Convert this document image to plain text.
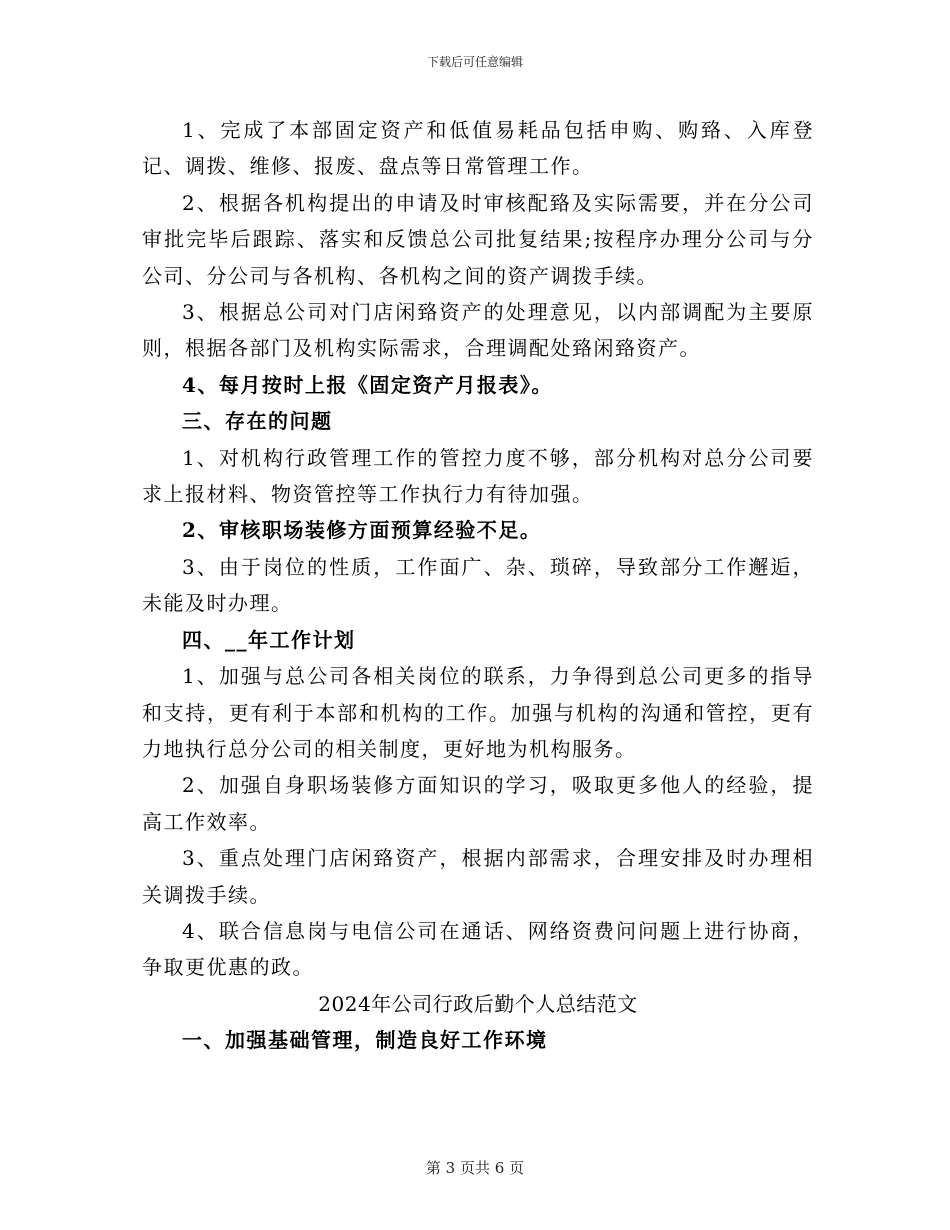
下载后可任意编辑

1、完成了本部固定资产和低值易耗品包括申购、购臵、入库登记、调拨、维修、报废、盘点等日常管理工作。

2、根据各机构提出的申请及时审核配臵及实际需要，并在分公司审批完毕后跟踪、落实和反馈总公司批复结果;按程序办理分公司与分公司、分公司与各机构、各机构之间的资产调拨手续。

3、根据总公司对门店闲臵资产的处理意见，以内部调配为主要原则，根据各部门及机构实际需求，合理调配处臵闲臵资产。

4、每月按时上报《固定资产月报表》。

三、存在的问题

1、对机构行政管理工作的管控力度不够，部分机构对总分公司要求上报材料、物资管控等工作执行力有待加强。

2、审核职场装修方面预算经验不足。

3、由于岗位的性质，工作面广、杂、琐碎，导致部分工作邂逅，未能及时办理。

四、__年工作计划

1、加强与总公司各相关岗位的联系，力争得到总公司更多的指导和支持，更有利于本部和机构的工作。加强与机构的沟通和管控，更有力地执行总分公司的相关制度，更好地为机构服务。

2、加强自身职场装修方面知识的学习，吸取更多他人的经验，提高工作效率。

3、重点处理门店闲臵资产，根据内部需求，合理安排及时办理相关调拨手续。

4、联合信息岗与电信公司在通话、网络资费问问题上进行协商，争取更优惠的政。

2024年公司行政后勤个人总结范文

一、加强基础管理，制造良好工作环境

第 3 页共 6 页
